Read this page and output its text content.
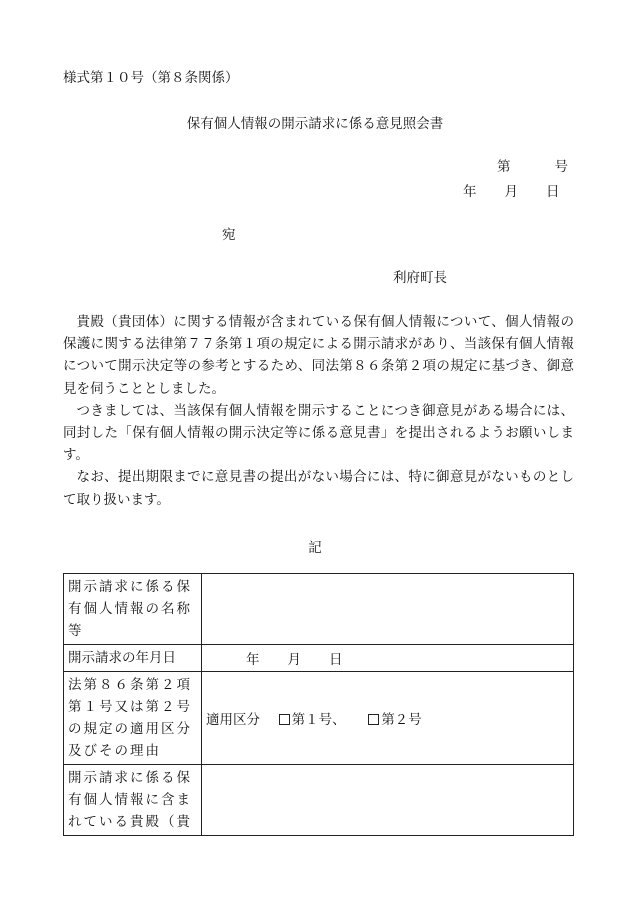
様式第１０号（第８条関係）
保有個人情報の開示請求に係る意見照会書
第	号
年 月 日
宛
利府町長

貴殿（貴団体）に関する情報が含まれている保有個人情報について、個人情報の保護に関する法律第７７条第１項の規定による開示請求があり、当該保有個人情報について開示決定等の参考とするため、同法第８６条第２項の規定に基づき、御意見を伺うこととしました。

つきましては、当該保有個人情報を開示することにつき御意見がある場合には、同封した「保有個人情報の開示決定等に係る意見書」を提出されるようお願いします。

なお、提出期限までに意見書の提出がない場合には、特に御意見がないものとして取り扱います。

記
開示請求に係る保有個人情報の名称等	
開示請求の年月日	年 月 日
法第８６条第２項第１号又は第２号の規定の適用区分及びその理由	適用区分 第１号、 第２号
開示請求に係る保有個人情報に含まれている貴殿（貴	
